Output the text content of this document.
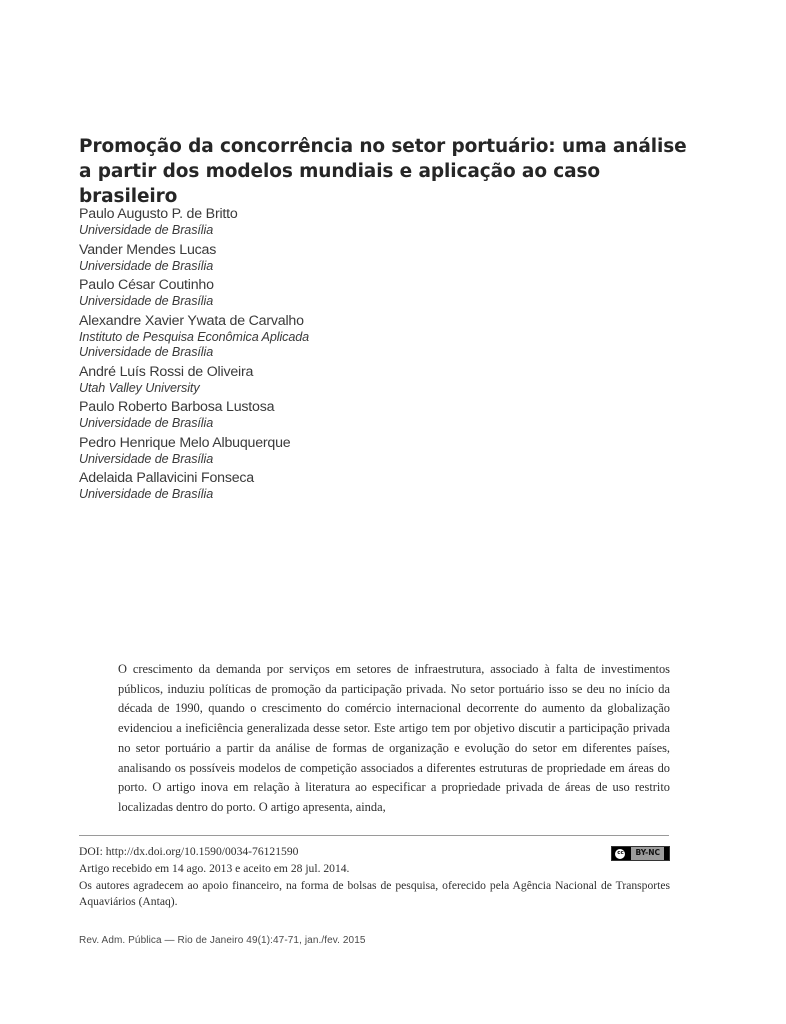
Promoção da concorrência no setor portuário: uma análise a partir dos modelos mundiais e aplicação ao caso brasileiro
Paulo Augusto P. de Britto
Universidade de Brasília
Vander Mendes Lucas
Universidade de Brasília
Paulo César Coutinho
Universidade de Brasília
Alexandre Xavier Ywata de Carvalho
Instituto de Pesquisa Econômica Aplicada
Universidade de Brasília
André Luís Rossi de Oliveira
Utah Valley University
Paulo Roberto Barbosa Lustosa
Universidade de Brasília
Pedro Henrique Melo Albuquerque
Universidade de Brasília
Adelaida Pallavicini Fonseca
Universidade de Brasília

O crescimento da demanda por serviços em setores de infraestrutura, associado à falta de investimentos públicos, induziu políticas de promoção da participação privada. No setor portuário isso se deu no início da década de 1990, quando o crescimento do comércio internacional decorrente do aumento da globalização evidenciou a ineficiência generalizada desse setor. Este artigo tem por objetivo discutir a participação privada no setor portuário a partir da análise de formas de organização e evolução do setor em diferentes países, analisando os possíveis modelos de competição associados a diferentes estruturas de propriedade em áreas do porto. O artigo inova em relação à literatura ao especificar a propriedade privada de áreas de uso restrito localizadas dentro do porto. O artigo apresenta, ainda,

DOI: http://dx.doi.org/10.1590/0034-76121590	cc	BY-NC

Artigo recebido em 14 ago. 2013 e aceito em 28 jul. 2014.

Os autores agradecem ao apoio financeiro, na forma de bolsas de pesquisa, oferecido pela Agência Nacional de Transportes Aquaviários (Antaq).

Rev. Adm. Pública — Rio de Janeiro 49(1):47-71, jan./fev. 2015
